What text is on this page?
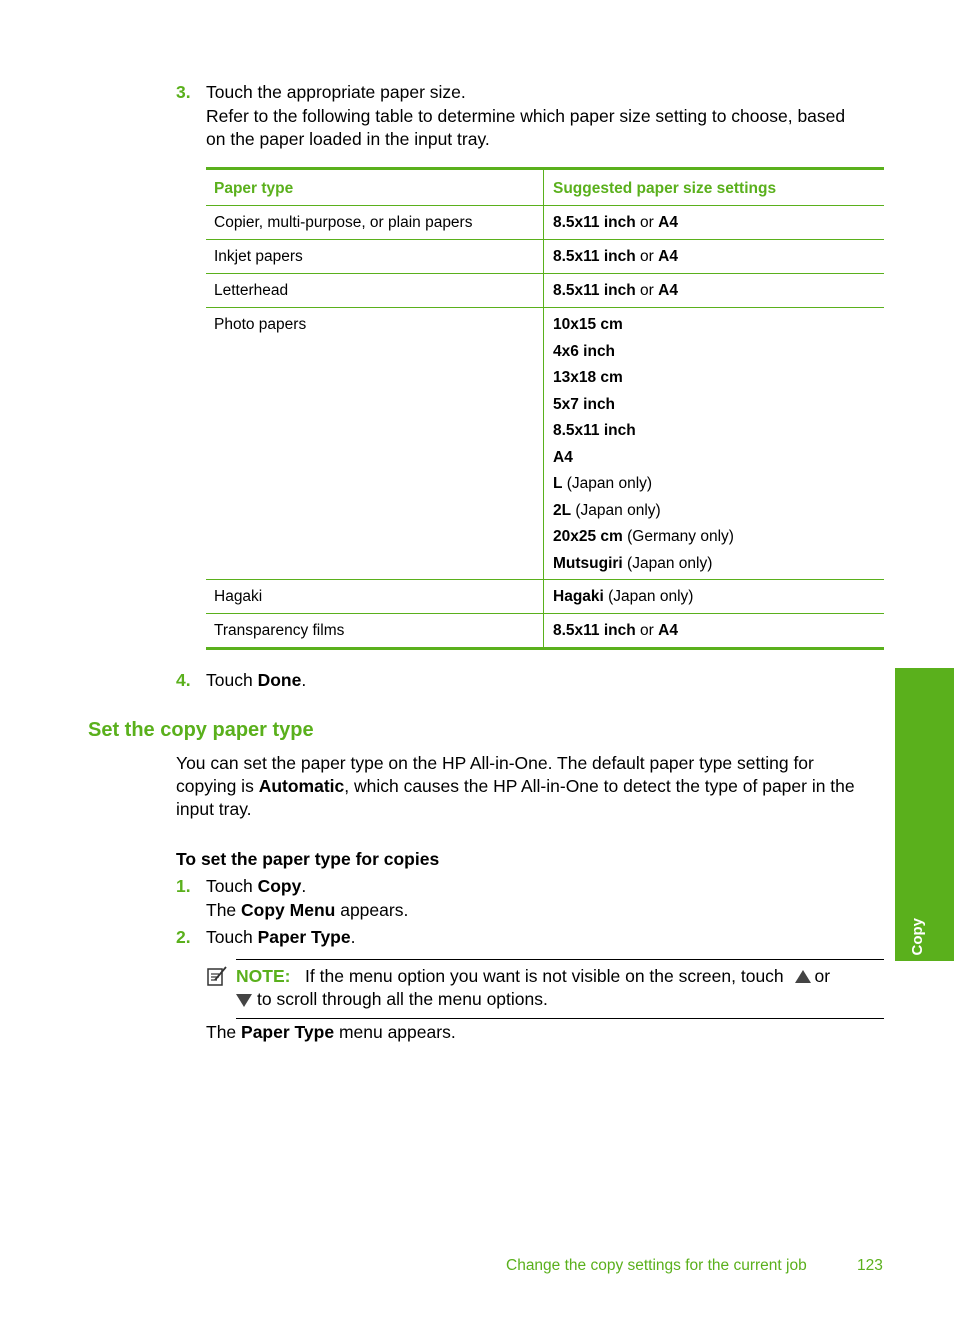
3. Touch the appropriate paper size.
Refer to the following table to determine which paper size setting to choose, based
on the paper loaded in the input tray.
Paper type	Suggested paper size settings
Copier, multi-purpose, or plain papers	8.5x11 inch or A4
Inkjet papers	8.5x11 inch or A4
Letterhead	8.5x11 inch or A4
Photo papers	10x15 cm
4x6 inch
13x18 cm
5x7 inch
8.5x11 inch
A4
L (Japan only)
2L (Japan only)
20x25 cm (Germany only)
Mutsugiri (Japan only)
Hagaki	Hagaki (Japan only)
Transparency films	8.5x11 inch or A4
4. Touch Done.
Set the copy paper type
You can set the paper type on the HP All-in-One. The default paper type setting for
copying is Automatic, which causes the HP All-in-One to detect the type of paper in the
input tray.
To set the paper type for copies
1. Touch Copy.
The Copy Menu appears.
2. Touch Paper Type.
NOTE: If the menu option you want is not visible on the screen, touch or
to scroll through all the menu options.
The Paper Type menu appears.
Copy
Change the copy settings for the current job	123
